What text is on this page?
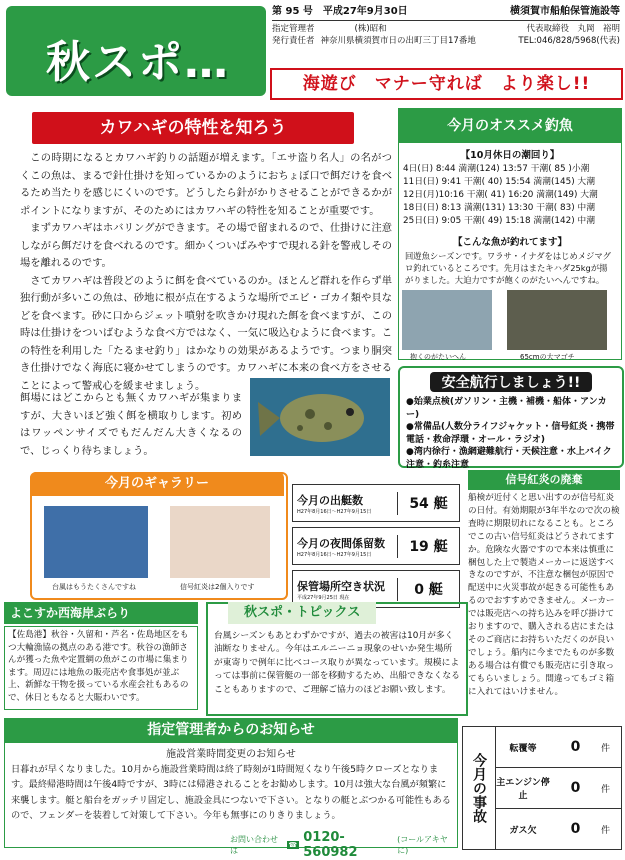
秋スポ…
第 95 号　平成27年9月30日	横須賀市船舶保管施設等
指定管理者	(株)昭和	代表取締役　丸岡　裕明
発行責任者 神奈川県横須賀市日の出町三丁目17番地	TEL:046/828/5968(代表)
海遊び　マナー守れば　より楽し!!
カワハギの特性を知ろう
この時期になるとカワハギ釣りの話題が増えます。「エサ盗り名人」の名がつくこの魚は、まるで針仕掛けを知っているかのようにおちょぼ口で餌だけを食べるため当たりを感じにくいのです。どうしたら針がかりさせることができるかがポイントになりますが、そのためにはカワハギの特性を知ることが重要です。
まずカワハギはホバリングができます。その場で留まれるので、仕掛けに注意しながら餌だけを食べれるのです。細かくついばみやすで現れる針を警戒しその場を離れるのです。
さてカワハギは普段どのように餌を食べているのか。ほとんど群れを作らず単独行動が多いこの魚は、砂地に根が点在するような場所でエビ・ゴカイ類や貝などを食べます。砂に口からジェット噴射を吹きかけ現れた餌を食べますが、この時は仕掛けをついばむような食べ方ではなく、一気に吸込むように食べます。この特性を利用した「たるませ釣り」はかなりの効果があるようです。つまり胴突き仕掛けでなく海底に寝かせてしまうのです。カワハギに本来の食べ方をさせることによって警戒心を緩ませましょう。
餌場にはどこからとも無くカワハギが集まりますが、大きいほど強く餌を横取りします。初めはワッペンサイズでもだんだん大きくなるので、じっくり待ちましょう。
今月のオススメ釣魚
【10月休日の潮回り】
4日(日) 8:44 満潮(124) 13:57 干潮( 85 )小潮
11日(日) 9:41 干潮( 40) 15:54 満潮(145) 大潮
12日(月)10:16 干潮( 41) 16:20 満潮(149) 大潮
18日(日) 8:13 満潮(131) 13:30 干潮( 83) 中潮
25日(日) 9:05 干潮( 49) 15:18 満潮(142) 中潮
【こんな魚が釣れてます】
回遊魚シーズンです。ワラサ・イナダをはじめメジマグロ釣れているところです。先月はまたキハダ25kgが揚がりました。大迫力ですが飽くのがたいへんですね。
抱くのがたいへん	65cmの大マゴチ
安全航行しましょう!!
●始業点検(ガソリン・主機・補機・船体・アンカー)
●常備品(人数分ライフジャケット・信号紅炎・携帯電話・救命浮環・オール・ラジオ)
●湾内徐行・漁網避難航行・天候注意・水上バイク注意・釣糸注意
信号紅炎の廃棄
船検が近付くと思い出すのが信号紅炎の日付。有効期限が3年半なので次の検査時に期限切れになることも。ところでこの古い信号紅炎はどうされてますか。危険な火器ですので本来は慎重に梱包した上で製造メーカーに返送すべきなのですが、不注意な梱包が原因で配送中に火災事故が起きる可能性もあるのでおすすめできません。メーカーでは販売店への持ち込みを呼び掛けておりますので、購入される店にまたはそのご商店にお持ちいただくのが良いでしょう。船内に今までたものが多数ある場合は有償でも販売店に引き取ってもらいましょう。間違ってもゴミ箱に入れてはいけません。
今月のギャラリー
台風はもうたくさんですね	信号紅炎は2個入りです
今月の出艇数
H27年8月16日～H27年9月15日	54 艇
今月の夜間係留数
H27年8月16日～H27年9月15日	19 艇
保管場所空き状況
平成27年9月25日 現在	0 艇
よこすか西海岸ぶらり
【佐島港】秋谷・久留和・芦名・佐島地区をもつ大輪漁協の拠点のある港です。秋谷の漁師さんが獲った魚や定置網の魚がこの市場に集まります。周辺には地魚の販売店や食事処が並ぶ上、新鮮な干物を扱っている水産会社もあるので、休日ともなると大賑わいです。
秋スポ・トピックス
台風シーズンもあとわずかですが、過去の被害は10月が多く油断なりません。今年はエルニーニョ現象のせいか発生場所が東寄りで例年に比べコース取りが異なっています。規模によっては事前に保管艇の一部を移動するため、出船できなくなることもありますので、ご理解ご協力のほどお願い致します。
指定管理者からのお知らせ
施設営業時間変更のお知らせ
日暮れが早くなりました。10月から施設営業時間は終了時刻が1時間短くなり午後5時クローズとなります。最終帰港時間は午後4時ですが、3時には帰港されることをお勧めします。10月は強大な台風が頻繁に来襲します。艇と船台をガッチリ固定し、施設金具につないで下さい。となりの艇とぶつかる可能性もあるので、フェンダーを装着して対策して下さい。今年も無事にのりきりましょう。
お問い合わせは
☎ 0120-560982
(コールアキヤに)
今月の事故
転覆等	0	件
主エンジン停止	0	件
ガス欠	0	件
